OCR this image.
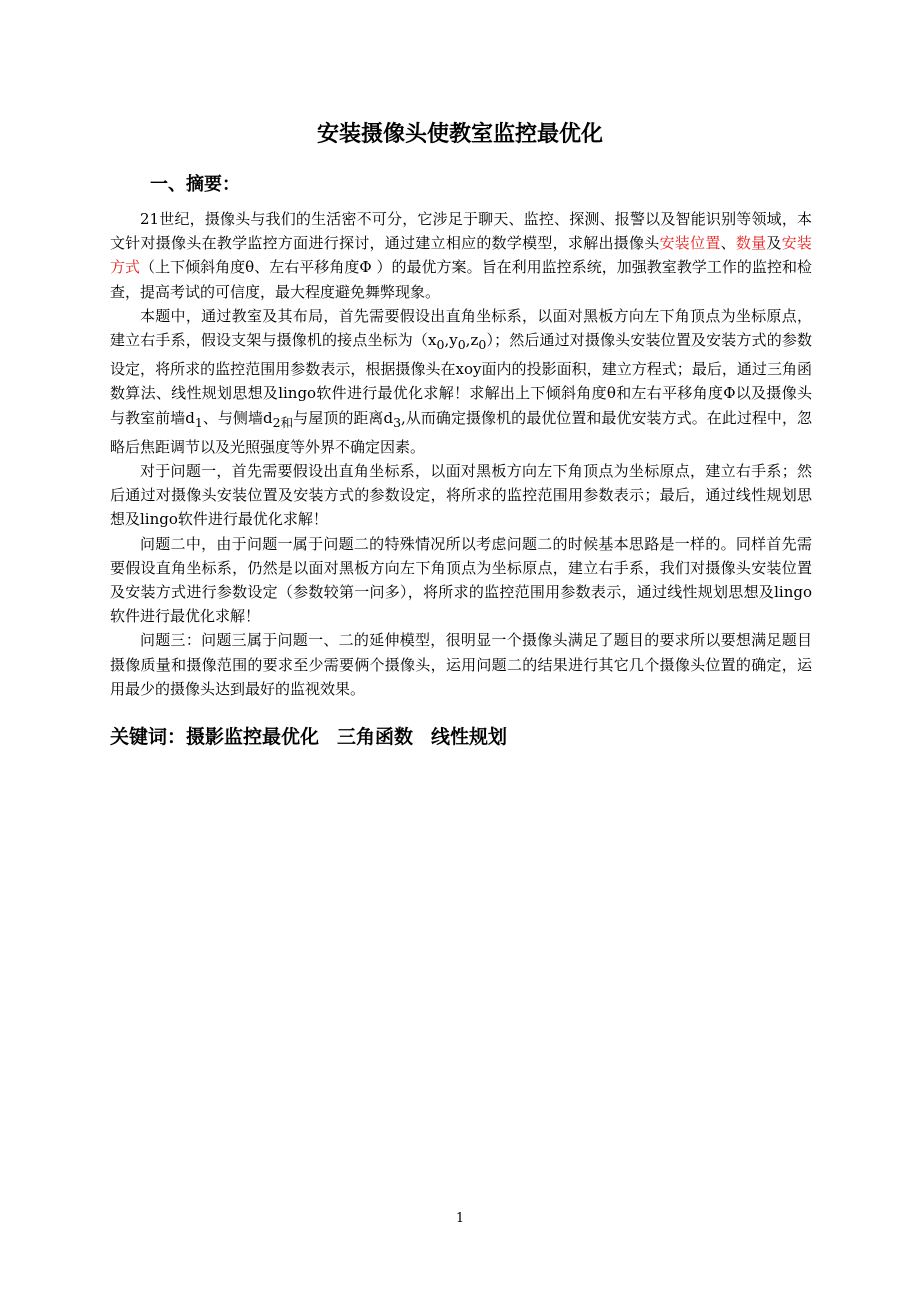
安装摄像头使教室监控最优化
一、摘要：

21世纪，摄像头与我们的生活密不可分，它涉足于聊天、监控、探测、报警以及智能识别等领域，本文针对摄像头在教学监控方面进行探讨，通过建立相应的数学模型，求解出摄像头安装位置、数量及安装方式（上下倾斜角度θ、左右平移角度Φ ）的最优方案。旨在利用监控系统，加强教室教学工作的监控和检查，提高考试的可信度，最大程度避免舞弊现象。

本题中，通过教室及其布局，首先需要假设出直角坐标系，以面对黑板方向左下角顶点为坐标原点，建立右手系，假设支架与摄像机的接点坐标为$(x_0,y_0,z_0)$；然后通过对摄像头安装位置及安装方式的参数设定，将所求的监控范围用参数表示，根据摄像头在xoy面内的投影面积，建立方程式；最后，通过三角函数算法、线性规划思想及lingo软件进行最优化求解！求解出上下倾斜角度θ和左右平移角度Φ以及摄像头与教室前墙$d_1$、与侧墙$d_{2和}$与屋顶的距离$d_3$,从而确定摄像机的最优位置和最优安装方式。在此过程中，忽略后焦距调节以及光照强度等外界不确定因素。

对于问题一，首先需要假设出直角坐标系，以面对黑板方向左下角顶点为坐标原点，建立右手系；然后通过对摄像头安装位置及安装方式的参数设定，将所求的监控范围用参数表示；最后，通过线性规划思想及lingo软件进行最优化求解！

问题二中，由于问题一属于问题二的特殊情况所以考虑问题二的时候基本思路是一样的。同样首先需要假设直角坐标系，仍然是以面对黑板方向左下角顶点为坐标原点，建立右手系，我们对摄像头安装位置及安装方式进行参数设定（参数较第一问多），将所求的监控范围用参数表示，通过线性规划思想及lingo软件进行最优化求解！

问题三：问题三属于问题一、二的延伸模型，很明显一个摄像头满足了题目的要求所以要想满足题目摄像质量和摄像范围的要求至少需要俩个摄像头，运用问题二的结果进行其它几个摄像头位置的确定，运用最少的摄像头达到最好的监视效果。

关键词：摄影监控最优化 三角函数 线性规划
1
